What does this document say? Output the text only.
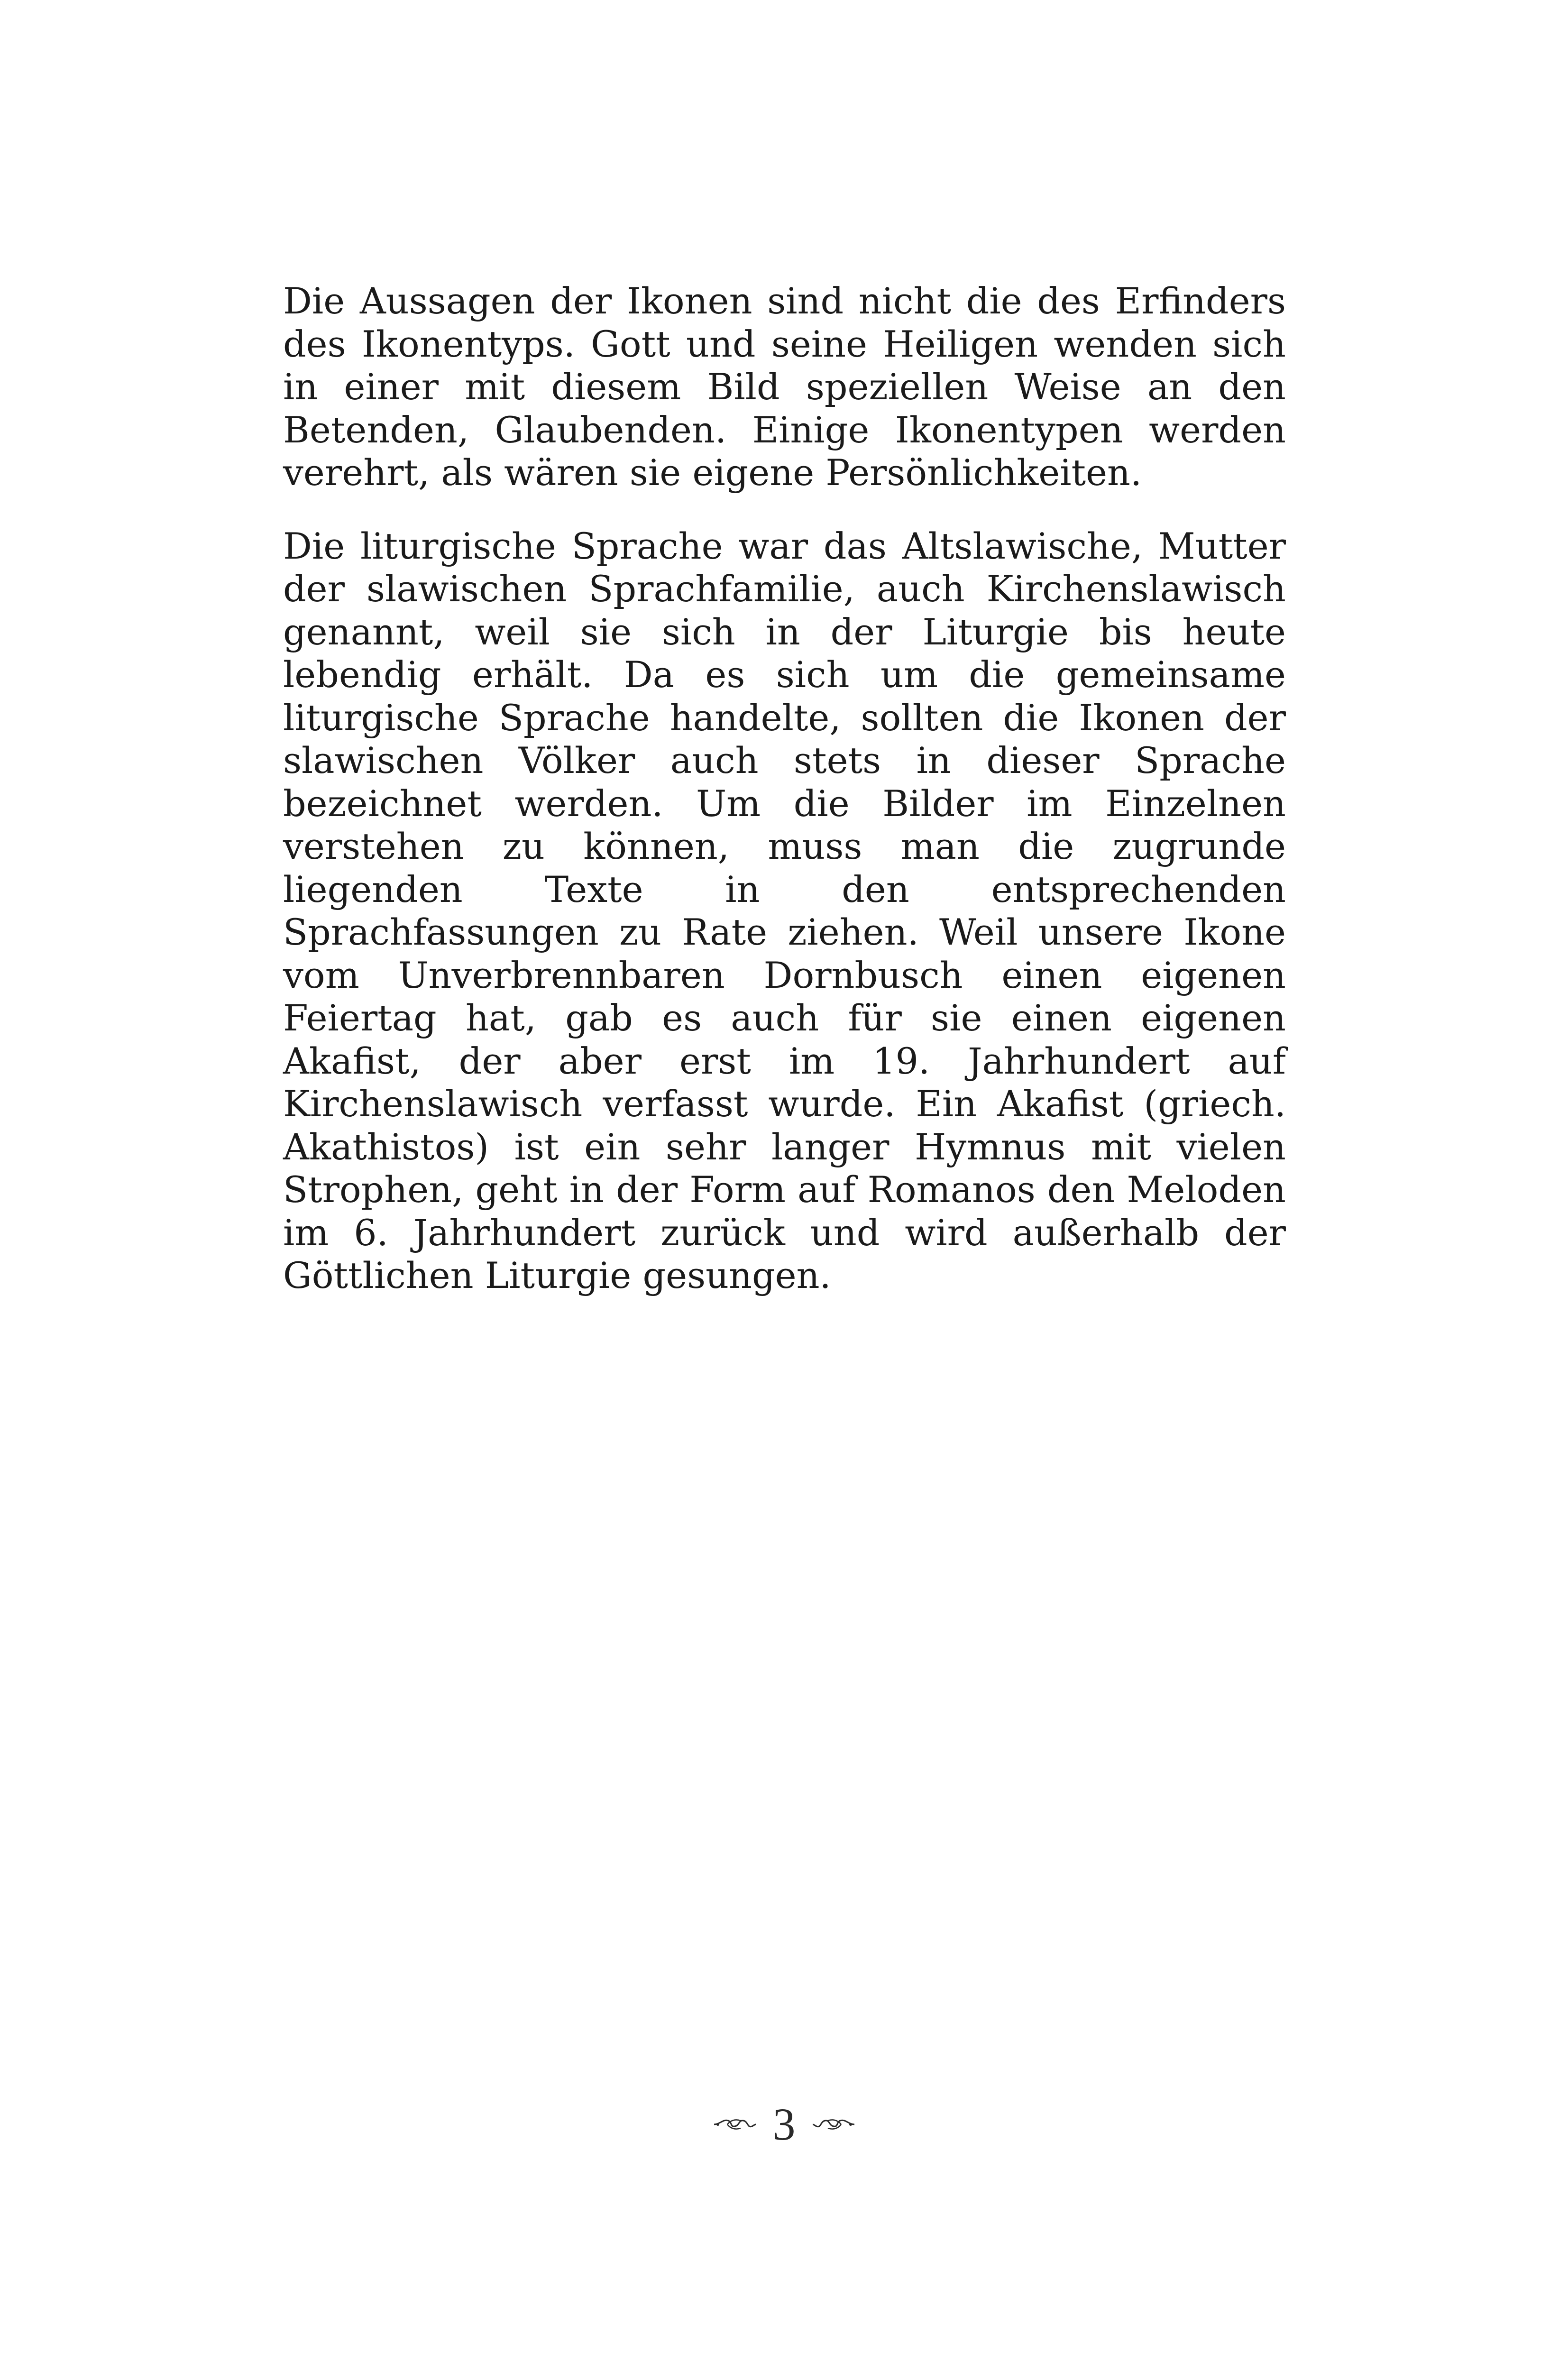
Die Aussagen der Ikonen sind nicht die des Erfinders des Ikonentyps. Gott und seine Heiligen wenden sich in einer mit diesem Bild speziellen Weise an den Betenden, Glaubenden. Einige Ikonentypen werden verehrt, als wären sie eigene Persönlichkeiten.

Die liturgische Sprache war das Altslawische, Mutter der slawischen Sprachfamilie, auch Kirchenslawisch genannt, weil sie sich in der Liturgie bis heute lebendig erhält. Da es sich um die gemeinsame liturgische Sprache handelte, sollten die Ikonen der slawischen Völker auch stets in dieser Sprache bezeichnet werden. Um die Bilder im Einzelnen verstehen zu können, muss man die zugrunde liegenden Texte in den entsprechenden Sprachfassungen zu Rate ziehen. Weil unsere Ikone vom Unverbrennbaren Dornbusch einen eigenen Feiertag hat, gab es auch für sie einen eigenen Akafist, der aber erst im 19. Jahrhundert auf Kirchenslawisch verfasst wurde. Ein Akafist (griech. Akathistos) ist ein sehr langer Hymnus mit vielen Strophen, geht in der Form auf Romanos den Meloden im 6. Jahrhundert zurück und wird außerhalb der Göttlichen Liturgie gesungen.

3
